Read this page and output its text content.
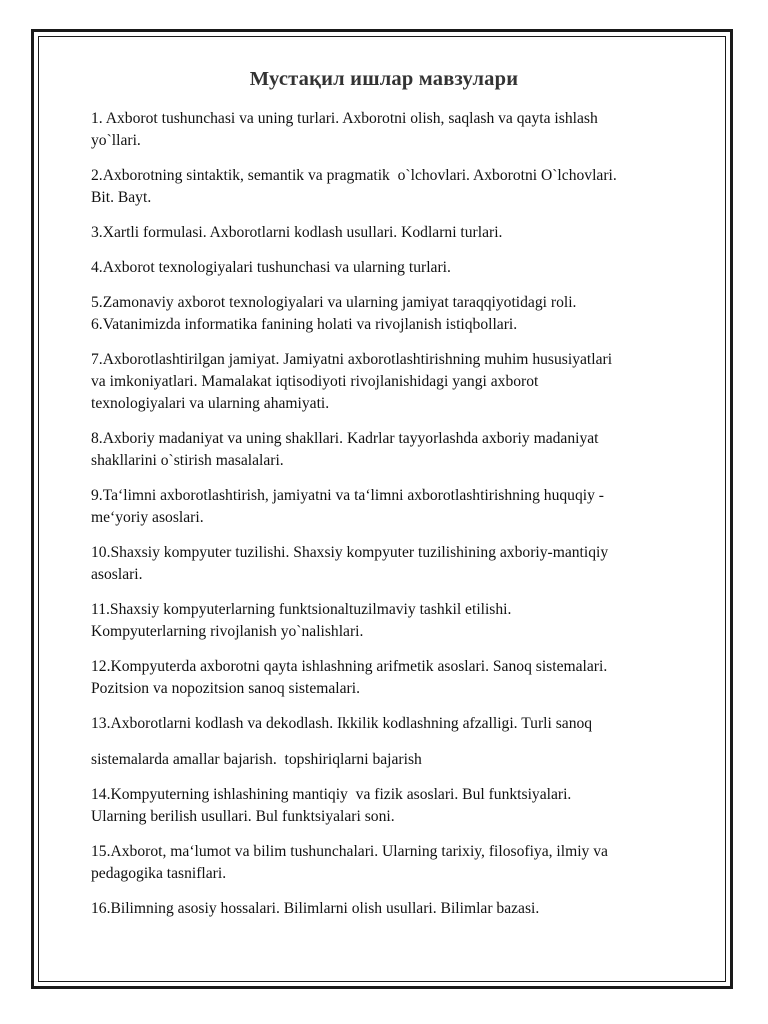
Мустақил ишлар мавзулари
1. Axborot tushunchasi va uning turlari. Axborotni olish, saqlash va qayta ishlash
yo`llari.
2.Axborotning sintaktik, semantik va pragmatik  o`lchovlari. Axborotni O`lchovlari.
Bit. Bayt.
3.Xartli formulasi. Axborotlarni kodlash usullari. Kodlarni turlari.
4.Axborot texnologiyalari tushunchasi va ularning turlari.
5.Zamonaviy axborot texnologiyalari va ularning jamiyat taraqqiyotidagi roli.
6.Vatanimizda informatika fanining holati va rivojlanish istiqbollari.
7.Axborotlashtirilgan jamiyat. Jamiyatni axborotlashtirishning muhim hususiyatlari
va imkoniyatlari. Mamalakat iqtisodiyoti rivojlanishidagi yangi axborot
texnologiyalari va ularning ahamiyati.
8.Axboriy madaniyat va uning shakllari. Kadrlar tayyorlashda axboriy madaniyat
shakllarini o`stirish masalalari.
9.Ta‘limni axborotlashtirish, jamiyatni va ta‘limni axborotlashtirishning huquqiy -
me‘yoriy asoslari.
10.Shaxsiy kompyuter tuzilishi. Shaxsiy kompyuter tuzilishining axboriy-mantiqiy
asoslari.
11.Shaxsiy kompyuterlarning funktsionaltuzilmaviy tashkil etilishi.
Kompyuterlarning rivojlanish yo`nalishlari.
12.Kompyuterda axborotni qayta ishlashning arifmetik asoslari. Sanoq sistemalari.
Pozitsion va nopozitsion sanoq sistemalari.
13.Axborotlarni kodlash va dekodlash. Ikkilik kodlashning afzalligi. Turli sanoq
sistemalarda amallar bajarish.  topshiriqlarni bajarish
14.Kompyuterning ishlashining mantiqiy  va fizik asoslari. Bul funktsiyalari.
Ularning berilish usullari. Bul funktsiyalari soni.
15.Axborot, ma‘lumot va bilim tushunchalari. Ularning tarixiy, filosofiya, ilmiy va
pedagogika tasniflari.
16.Bilimning asosiy hossalari. Bilimlarni olish usullari. Bilimlar bazasi.
